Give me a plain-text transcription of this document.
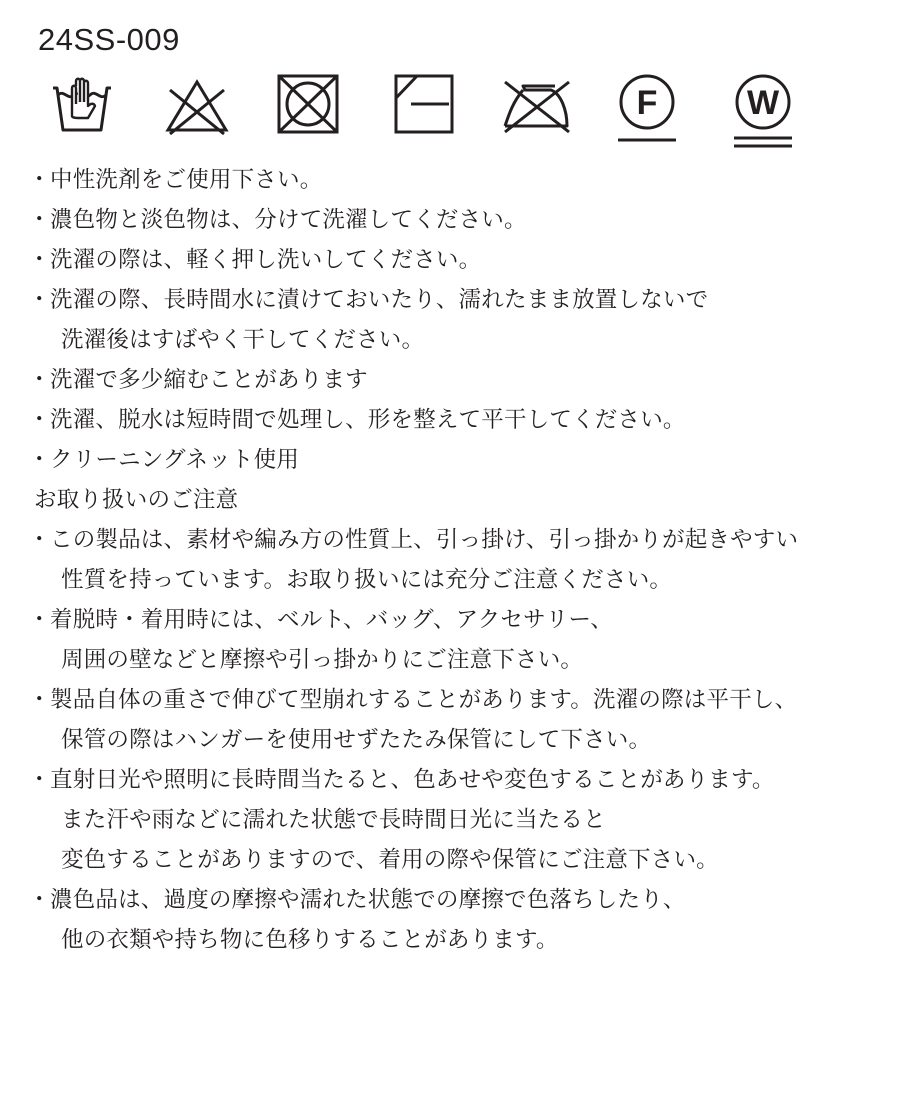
24SS-009
F	W
・中性洗剤をご使用下さい。
・濃色物と淡色物は、分けて洗濯してください。
・洗濯の際は、軽く押し洗いしてください。
・洗濯の際、長時間水に漬けておいたり、濡れたまま放置しないで
洗濯後はすばやく干してください。
・洗濯で多少縮むことがあります
・洗濯、脱水は短時間で処理し、形を整えて平干してください。
・クリーニングネット使用
お取り扱いのご注意
・この製品は、素材や編み方の性質上、引っ掛け、引っ掛かりが起きやすい
性質を持っています。お取り扱いには充分ご注意ください。
・着脱時・着用時には、ベルト、バッグ、アクセサリー、
周囲の壁などと摩擦や引っ掛かりにご注意下さい。
・製品自体の重さで伸びて型崩れすることがあります。洗濯の際は平干し、
保管の際はハンガーを使用せずたたみ保管にして下さい。
・直射日光や照明に長時間当たると、色あせや変色することがあります。
また汗や雨などに濡れた状態で長時間日光に当たると
変色することがありますので、着用の際や保管にご注意下さい。
・濃色品は、過度の摩擦や濡れた状態での摩擦で色落ちしたり、
他の衣類や持ち物に色移りすることがあります。
